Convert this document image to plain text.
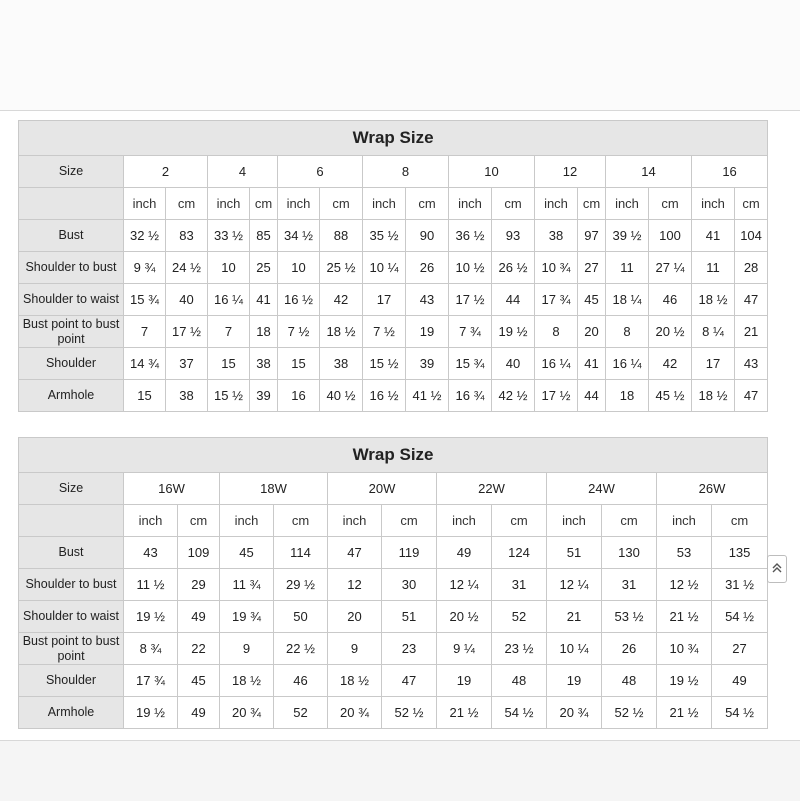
Wrap Size																
Size	2		4		6		8		10		12		14		16	
	inch	cm	inch	cm	inch	cm	inch	cm	inch	cm	inch	cm	inch	cm	inch	cm
Bust	32 ½	83	33 ½	85	34 ½	88	35 ½	90	36 ½	93	38	97	39 ½	100	41	104
Shoulder to bust	9 ¾	24 ½	10	25	10	25 ½	10 ¼	26	10 ½	26 ½	10 ¾	27	11	27 ¼	11	28
Shoulder to waist	15 ¾	40	16 ¼	41	16 ½	42	17	43	17 ½	44	17 ¾	45	18 ¼	46	18 ½	47
Bust point to bust point	7	17 ½	7	18	7 ½	18 ½	7 ½	19	7 ¾	19 ½	8	20	8	20 ½	8 ¼	21
Shoulder	14 ¾	37	15	38	15	38	15 ½	39	15 ¾	40	16 ¼	41	16 ¼	42	17	43
Armhole	15	38	15 ½	39	16	40 ½	16 ½	41 ½	16 ¾	42 ½	17 ½	44	18	45 ½	18 ½	47
Wrap Size												
Size	16W		18W		20W		22W		24W		26W	
	inch	cm	inch	cm	inch	cm	inch	cm	inch	cm	inch	cm
Bust	43	109	45	114	47	119	49	124	51	130	53	135
Shoulder to bust	11 ½	29	11 ¾	29 ½	12	30	12 ¼	31	12 ¼	31	12 ½	31 ½
Shoulder to waist	19 ½	49	19 ¾	50	20	51	20 ½	52	21	53 ½	21 ½	54 ½
Bust point to bust point	8 ¾	22	9	22 ½	9	23	9 ¼	23 ½	10 ¼	26	10 ¾	27
Shoulder	17 ¾	45	18 ½	46	18 ½	47	19	48	19	48	19 ½	49
Armhole	19 ½	49	20 ¾	52	20 ¾	52 ½	21 ½	54 ½	20 ¾	52 ½	21 ½	54 ½
